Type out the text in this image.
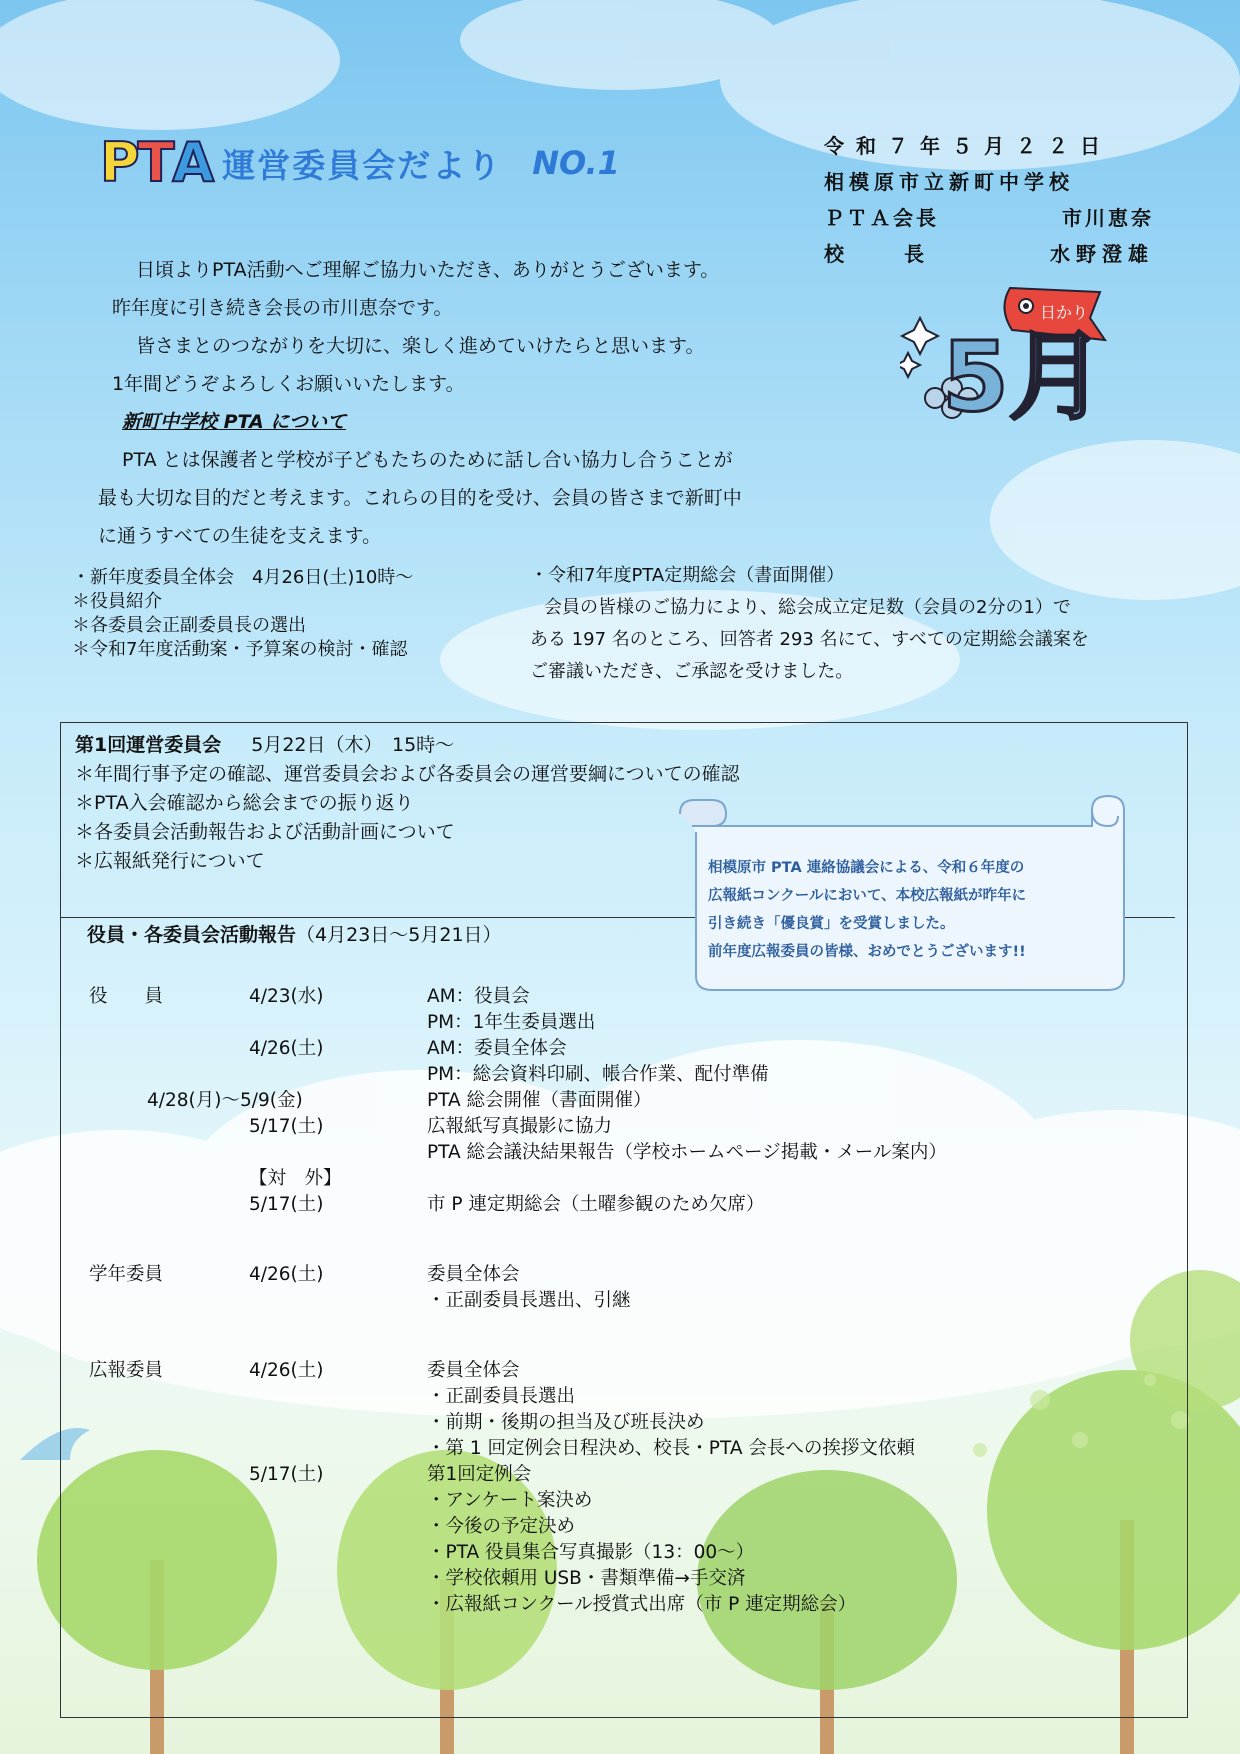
P T A 運営委員会だより NO.1	令和７年５月２２日
相模原市立新町中学校
ＰＴＡ会長	市川恵奈
校　　　長	水野澄雄
日かり
5月
日頃よりPTA活動へご理解ご協力いただき、ありがとうございます。
昨年度に引き続き会長の市川恵奈です。
皆さまとのつながりを大切に、楽しく進めていけたらと思います。
1年間どうぞよろしくお願いいたします。
新町中学校 PTA について
PTA とは保護者と学校が子どもたちのために話し合い協力し合うことが
最も大切な目的だと考えます。これらの目的を受け、会員の皆さまで新町中
に通うすべての生徒を支えます。
・新年度委員全体会　4月26日(土)10時～
＊役員紹介
＊各委員会正副委員長の選出
＊令和7年度活動案・予算案の検討・確認
・令和7年度PTA定期総会（書面開催）
会員の皆様のご協力により、総会成立定足数（会員の2分の1）で
ある 197 名のところ、回答者 293 名にて、すべての定期総会議案を
ご審議いただき、ご承認を受けました。
第1回運営委員会 5月22日（木）　15時～
＊年間行事予定の確認、運営委員会および各委員会の運営要綱についての確認
＊PTA入会確認から総会までの振り返り
＊各委員会活動報告および活動計画について
＊広報紙発行について
役員・各委員会活動報告（4月23日～5月21日）
役　　員	4/23(水)	AM：役員会
PM：1年生委員選出
4/26(土)	AM：委員全体会
PM：総会資料印刷、帳合作業、配付準備
4/28(月)～5/9(金)	PTA 総会開催（書面開催）
5/17(土)	広報紙写真撮影に協力
PTA 総会議決結果報告（学校ホームページ掲載・メール案内）
【対　外】
5/17(土)	市 P 連定期総会（土曜参観のため欠席）
学年委員	4/26(土)	委員全体会
・正副委員長選出、引継
広報委員	4/26(土)	委員全体会
・正副委員長選出
・前期・後期の担当及び班長決め
・第 1 回定例会日程決め、校長・PTA 会長への挨拶文依頼
5/17(土)	第1回定例会
・アンケート案決め
・今後の予定決め
・PTA 役員集合写真撮影（13：00～）
・学校依頼用 USB・書類準備→手交済
・広報紙コンクール授賞式出席（市 P 連定期総会）
相模原市 PTA 連絡協議会による、令和６年度の
広報紙コンクールにおいて、本校広報紙が昨年に
引き続き「優良賞」を受賞しました。
前年度広報委員の皆様、おめでとうございます!!
